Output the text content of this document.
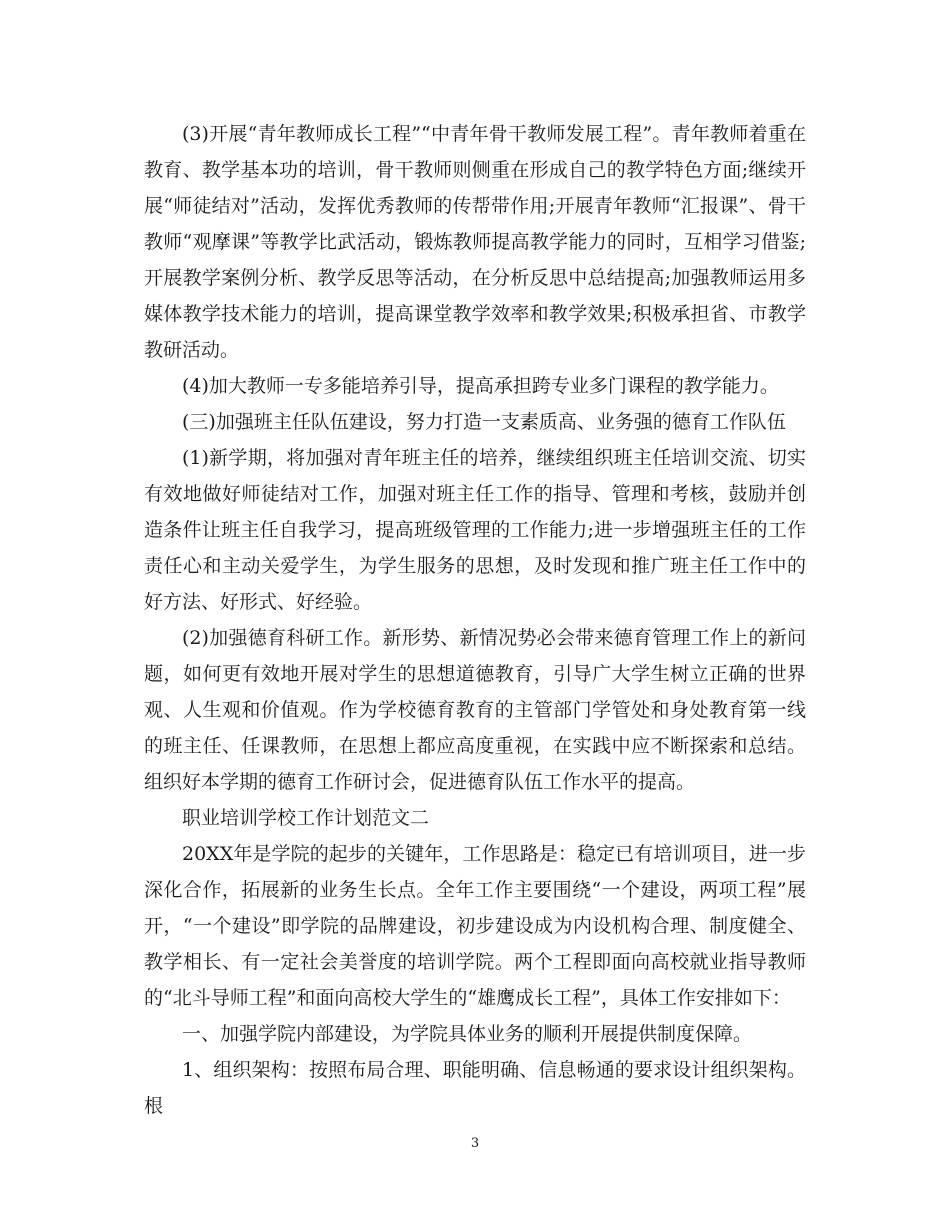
(3)开展“青年教师成长工程”“中青年骨干教师发展工程”。青年教师着重在教育、教学基本功的培训，骨干教师则侧重在形成自己的教学特色方面;继续开展“师徒结对”活动，发挥优秀教师的传帮带作用;开展青年教师“汇报课”、骨干教师“观摩课”等教学比武活动，锻炼教师提高教学能力的同时，互相学习借鉴;开展教学案例分析、教学反思等活动，在分析反思中总结提高;加强教师运用多媒体教学技术能力的培训，提高课堂教学效率和教学效果;积极承担省、市教学教研活动。

(4)加大教师一专多能培养引导，提高承担跨专业多门课程的教学能力。

(三)加强班主任队伍建设，努力打造一支素质高、业务强的德育工作队伍

(1)新学期，将加强对青年班主任的培养，继续组织班主任培训交流、切实有效地做好师徒结对工作，加强对班主任工作的指导、管理和考核，鼓励并创造条件让班主任自我学习，提高班级管理的工作能力;进一步增强班主任的工作责任心和主动关爱学生，为学生服务的思想，及时发现和推广班主任工作中的好方法、好形式、好经验。

(2)加强德育科研工作。新形势、新情况势必会带来德育管理工作上的新问题，如何更有效地开展对学生的思想道德教育，引导广大学生树立正确的世界观、人生观和价值观。作为学校德育教育的主管部门学管处和身处教育第一线的班主任、任课教师，在思想上都应高度重视，在实践中应不断探索和总结。组织好本学期的德育工作研讨会，促进德育队伍工作水平的提高。

职业培训学校工作计划范文二

20XX年是学院的起步的关键年，工作思路是：稳定已有培训项目，进一步深化合作，拓展新的业务生长点。全年工作主要围绕“一个建设，两项工程”展开，“一个建设”即学院的品牌建设，初步建设成为内设机构合理、制度健全、教学相长、有一定社会美誉度的培训学院。两个工程即面向高校就业指导教师的“北斗导师工程”和面向高校大学生的“雄鹰成长工程”，具体工作安排如下：

一、加强学院内部建设，为学院具体业务的顺利开展提供制度保障。

1、组织架构：按照布局合理、职能明确、信息畅通的要求设计组织架构。根

3
